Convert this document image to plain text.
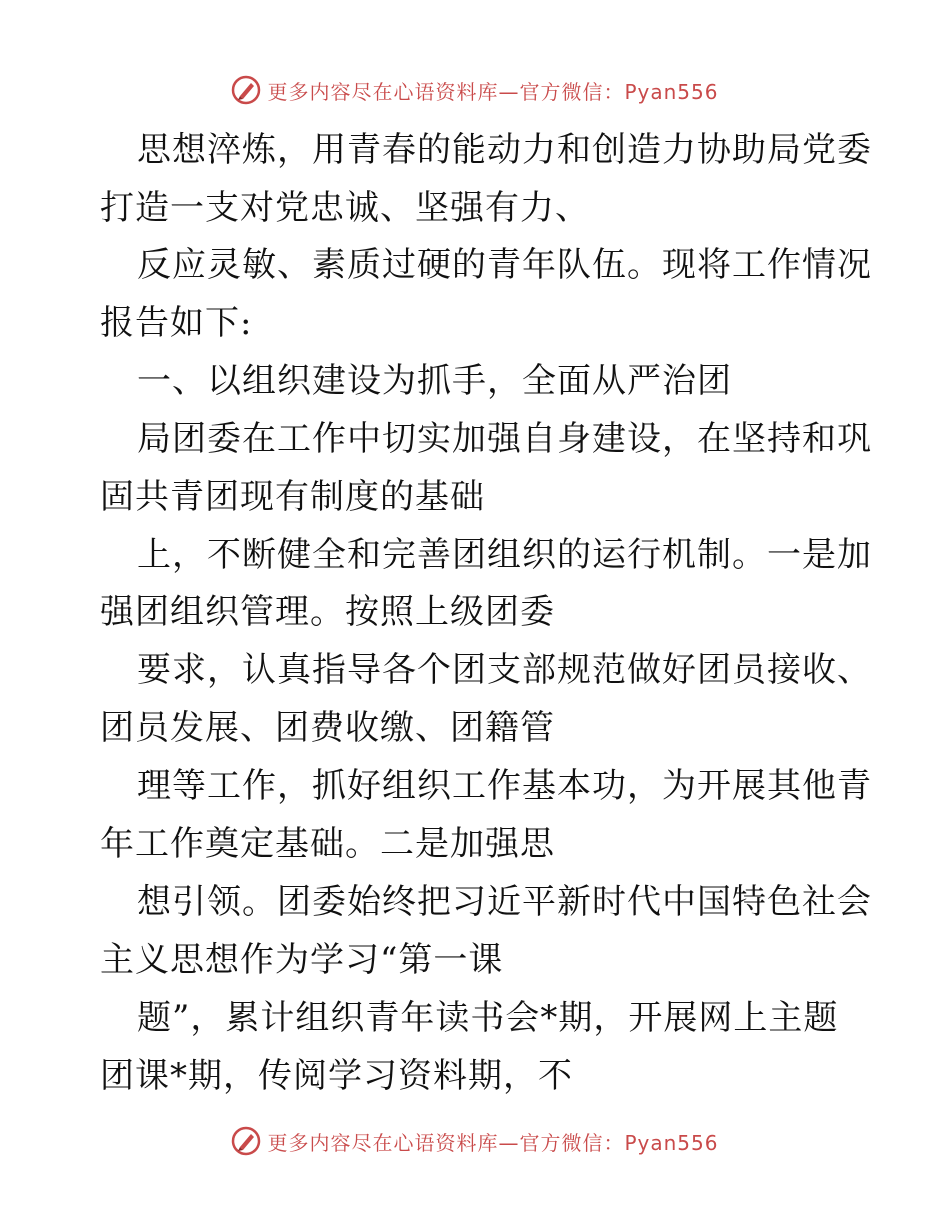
更多内容尽在心语资料库—官方微信：Pyan556
思想淬炼，用青春的能动力和创造力协助局党委
打造一支对党忠诚、坚强有力、
反应灵敏、素质过硬的青年队伍。现将工作情况
报告如下:
一、以组织建设为抓手，全面从严治团
局团委在工作中切实加强自身建设，在坚持和巩
固共青团现有制度的基础
上，不断健全和完善团组织的运行机制。一是加
强团组织管理。按照上级团委
要求，认真指导各个团支部规范做好团员接收、
团员发展、团费收缴、团籍管
理等工作，抓好组织工作基本功，为开展其他青
年工作奠定基础。二是加强思
想引领。团委始终把习近平新时代中国特色社会
主义思想作为学习“第一课
题”，累计组织青年读书会*期，开展网上主题
团课*期，传阅学习资料期，不
更多内容尽在心语资料库—官方微信：Pyan556
